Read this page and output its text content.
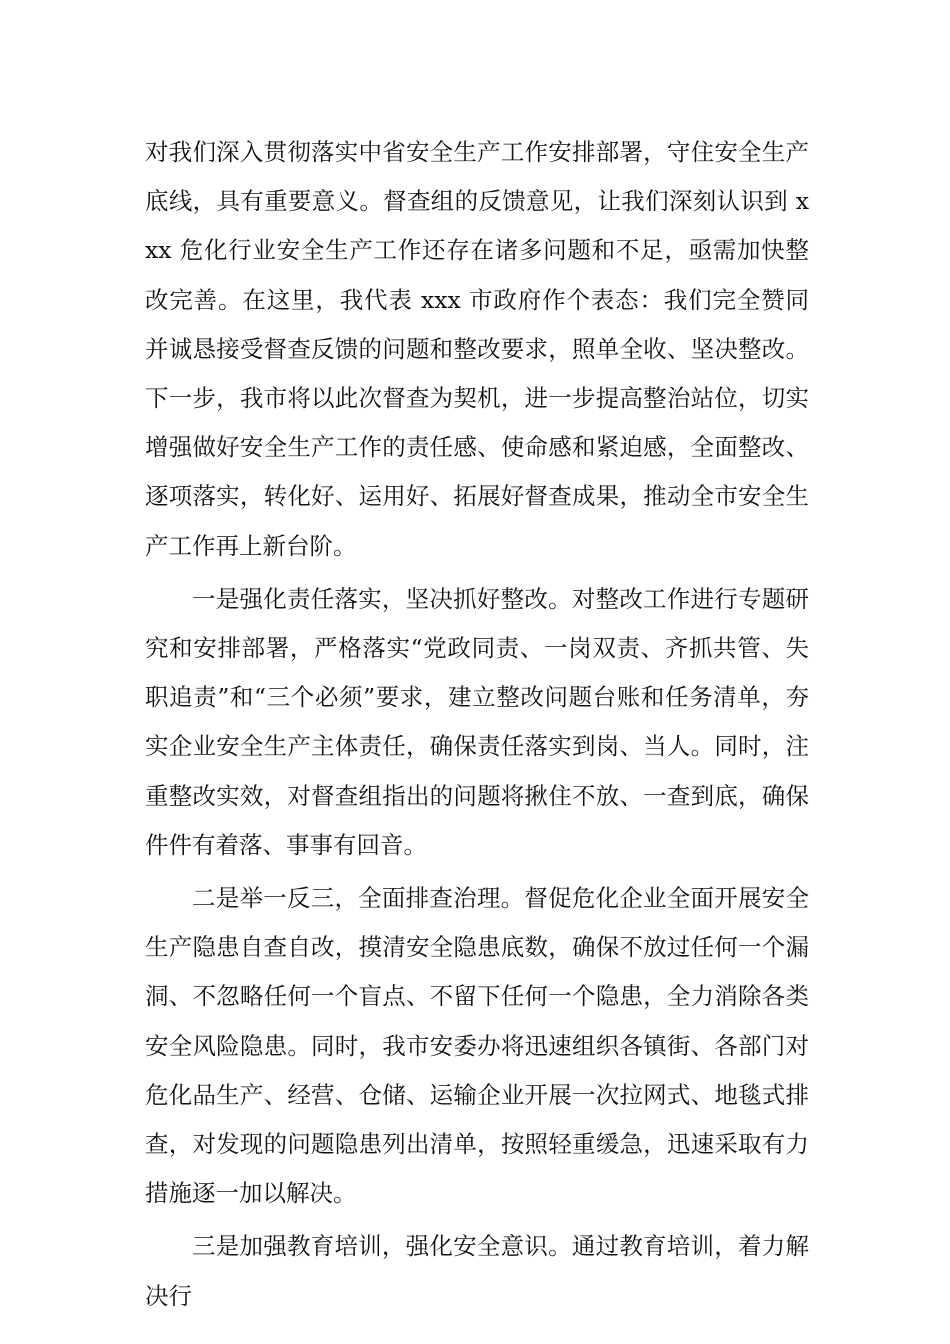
对我们深入贯彻落实中省安全生产工作安排部署，守住安全生产底线，具有重要意义。督查组的反馈意见，让我们深刻认识到 xxx 危化行业安全生产工作还存在诸多问题和不足，亟需加快整改完善。在这里，我代表 xxx 市政府作个表态：我们完全赞同并诚恳接受督查反馈的问题和整改要求，照单全收、坚决整改。下一步，我市将以此次督查为契机，进一步提高整治站位，切实增强做好安全生产工作的责任感、使命感和紧迫感，全面整改、逐项落实，转化好、运用好、拓展好督查成果，推动全市安全生产工作再上新台阶。

一是强化责任落实，坚决抓好整改。对整改工作进行专题研究和安排部署，严格落实“党政同责、一岗双责、齐抓共管、失职追责”和“三个必须”要求，建立整改问题台账和任务清单，夯实企业安全生产主体责任，确保责任落实到岗、当人。同时，注重整改实效，对督查组指出的问题将揪住不放、一查到底，确保件件有着落、事事有回音。

二是举一反三，全面排查治理。督促危化企业全面开展安全生产隐患自查自改，摸清安全隐患底数，确保不放过任何一个漏洞、不忽略任何一个盲点、不留下任何一个隐患，全力消除各类安全风险隐患。同时，我市安委办将迅速组织各镇街、各部门对危化品生产、经营、仓储、运输企业开展一次拉网式、地毯式排查，对发现的问题隐患列出清单，按照轻重缓急，迅速采取有力措施逐一加以解决。

三是加强教育培训，强化安全意识。通过教育培训，着力解决行
